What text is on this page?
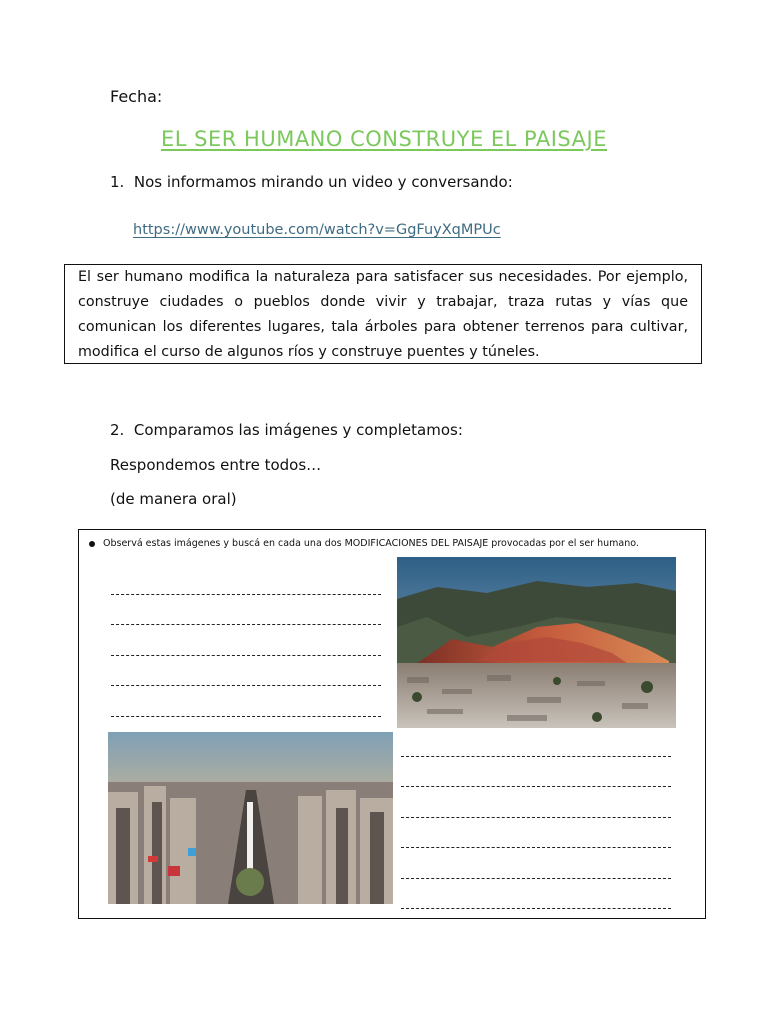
Fecha:
EL SER HUMANO CONSTRUYE EL PAISAJE
1.  Nos informamos mirando un video y conversando:
https://www.youtube.com/watch?v=GgFuyXqMPUc
El ser humano modifica la naturaleza para satisfacer sus necesidades. Por ejemplo, construye ciudades o pueblos donde vivir y trabajar, traza rutas y vías que comunican los diferentes lugares, tala árboles para obtener terrenos para cultivar, modifica el curso de algunos ríos y construye puentes y túneles.
2.  Comparamos las imágenes y completamos:
Respondemos entre todos…
(de manera oral)
Observá estas imágenes y buscá en cada una dos MODIFICACIONES DEL PAISAJE provocadas por el ser humano.
